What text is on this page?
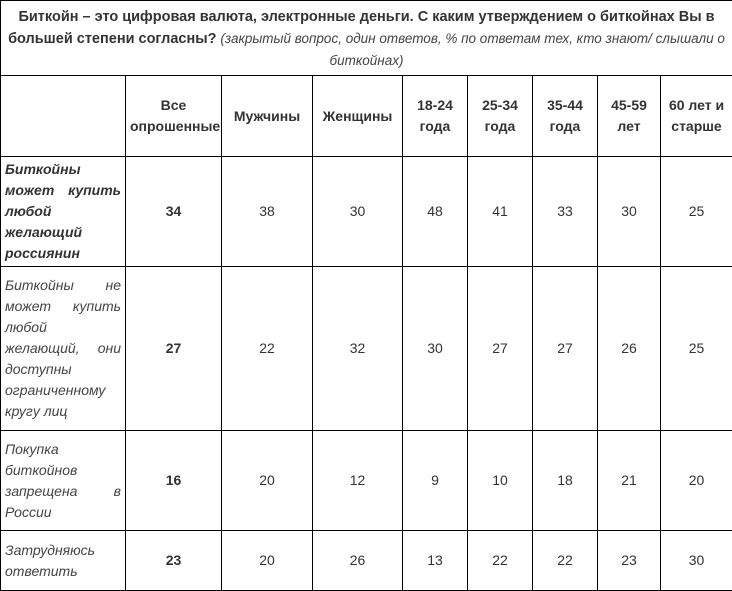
Биткойн – это цифровая валюта, электронные деньги. С каким утверждением о биткойнах Вы в большей степени согласны? (закрытый вопрос, один ответов, % по ответам тех, кто знают/ слышали о биткойнах)								
	Все опрошенные	Мужчины	Женщины	18-24 года	25-34 года	35-44 года	45-59 лет	60 лет и старше
Биткойны может купить любой желающий россиянин	34	38	30	48	41	33	30	25
Биткойны не может купить любой желающий, они доступны ограниченному кругу лиц	27	22	32	30	27	27	26	25
Покупка биткойнов запрещена в России	16	20	12	9	10	18	21	20
Затрудняюсь ответить	23	20	26	13	22	22	23	30
